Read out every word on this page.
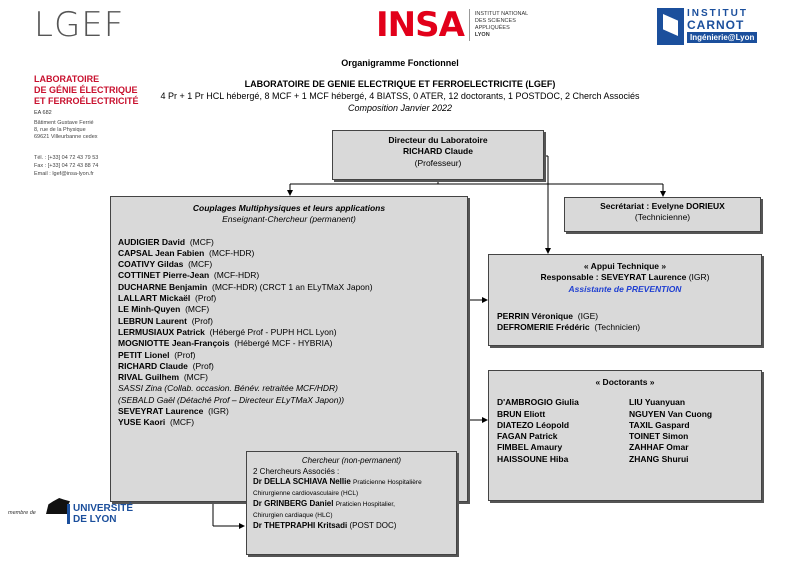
LGEF	INSA INSTITUT NATIONAL
DES SCIENCES
APPLIQUÉES
LYON
INSTITUT
CARNOT
Ingénierie@Lyon
LABORATOIRE
DE GÉNIE ÉLECTRIQUE
ET FERROÉLECTRICITÉ
EA 682
Bâtiment Gustave Ferrié
8, rue de la Physique
69621 Villeurbanne cedex
Tél. : [+33] 04 72 43 79 53
Fax : [+33] 04 72 43 88 74
Email : lgef@insa-lyon.fr
Organigramme Fonctionnel
LABORATOIRE DE GENIE ELECTRIQUE ET FERROELECTRICITE (LGEF)
4 Pr + 1 Pr HCL hébergé, 8 MCF + 1 MCF hébergé, 4 BIATSS, 0 ATER, 12 doctorants, 1 POSTDOC, 2 Cherch Associés
Composition Janvier 2022
Directeur du Laboratoire
RICHARD Claude
(Professeur)
Couplages Multiphysiques et leurs applications
Enseignant-Chercheur (permanent)
AUDIGIER David (MCF)
CAPSAL Jean Fabien (MCF-HDR)
COATIVY Gildas (MCF)
COTTINET Pierre-Jean (MCF-HDR)
DUCHARNE Benjamin (MCF-HDR) (CRCT 1 an ELyTMaX Japon)
LALLART Mickaël (Prof)
LE Minh-Quyen (MCF)
LEBRUN Laurent (Prof)
LERMUSIAUX Patrick (Hébergé Prof - PUPH HCL Lyon)
MOGNIOTTE Jean-François (Hébergé MCF - HYBRIA)
PETIT Lionel (Prof)
RICHARD Claude (Prof)
RIVAL Guilhem (MCF)
SASSI Zina (Collab. occasion. Bénév. retraitée MCF/HDR)
(SEBALD Gaël (Détaché Prof – Directeur ELyTMaX Japon))
SEVEYRAT Laurence (IGR)
YUSE Kaori (MCF)
Secrétariat : Evelyne DORIEUX
(Technicienne)
« Appui Technique »
Responsable : SEVEYRAT Laurence (IGR)
Assistante de PREVENTION
PERRIN Véronique (IGE)
DEFROMERIE Frédéric (Technicien)
« Doctorants »
D'AMBROGIO Giulia
BRUN Eliott
DIATEZO Léopold
FAGAN Patrick
FIMBEL Amaury
HAISSOUNE Hiba
LIU Yuanyuan
NGUYEN Van Cuong
TAXIL Gaspard
TOINET Simon
ZAHHAF Omar
ZHANG Shurui
Chercheur (non-permanent)
2 Chercheurs Associés :
Dr DELLA SCHIAVA Nellie Praticienne Hospitalière
Chirurgienne cardiovasculaire (HCL)
Dr GRINBERG Daniel Praticien Hospitalier,
Chirurgien cardiaque (HLC)
Dr THETPRAPHI Kritsadi (POST DOC)
membre de	UNIVERSITÉ
DE LYON
